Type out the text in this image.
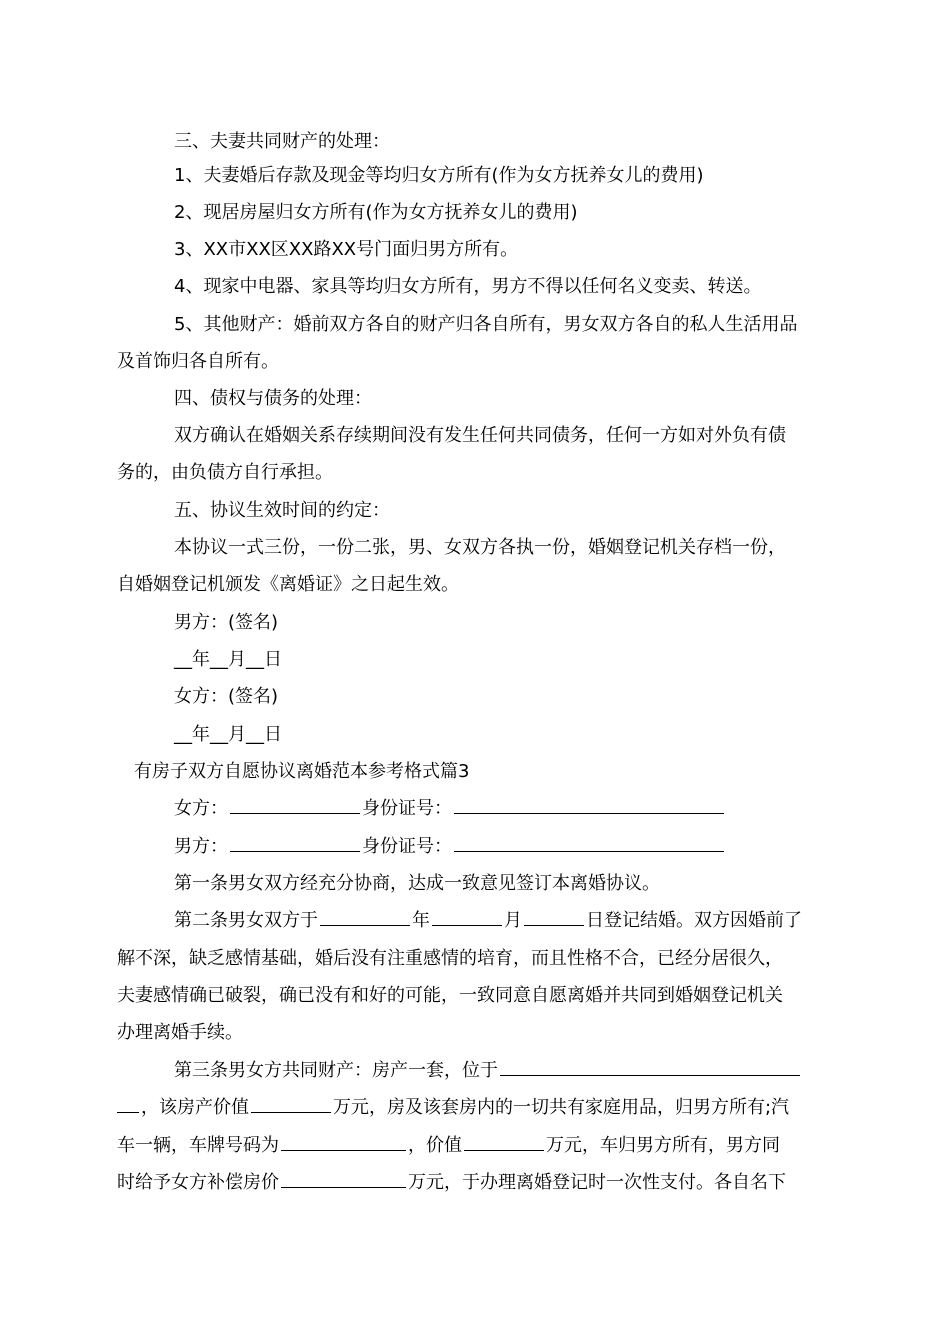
三、夫妻共同财产的处理：
1、夫妻婚后存款及现金等均归女方所有(作为女方抚养女儿的费用)
2、现居房屋归女方所有(作为女方抚养女儿的费用)
3、XX市XX区XX路XX号门面归男方所有。
4、现家中电器、家具等均归女方所有，男方不得以任何名义变卖、转送。
5、其他财产：婚前双方各自的财产归各自所有，男女双方各自的私人生活用品
及首饰归各自所有。
四、债权与债务的处理：
双方确认在婚姻关系存续期间没有发生任何共同债务，任何一方如对外负有债
务的，由负债方自行承担。
五、协议生效时间的约定：
本协议一式三份，一份二张，男、女双方各执一份，婚姻登记机关存档一份，
自婚姻登记机颁发《离婚证》之日起生效。
男方：(签名)
__年__月__日
女方：(签名)
__年__月__日
有房子双方自愿协议离婚范本参考格式篇3
女方：	身份证号：
男方：	身份证号：
第一条男女双方经充分协商，达成一致意见签订本离婚协议。
第二条男女双方于	年	月	日登记结婚。双方因婚前了
解不深，缺乏感情基础，婚后没有注重感情的培育，而且性格不合，已经分居很久，
夫妻感情确已破裂，确已没有和好的可能，一致同意自愿离婚并共同到婚姻登记机关
办理离婚手续。
第三条男女方共同财产：房产一套，位于
，该房产价值	万元，房及该套房内的一切共有家庭用品，归男方所有;汽
车一辆，车牌号码为	，价值	万元，车归男方所有，男方同
时给予女方补偿房价	万元，于办理离婚登记时一次性支付。各自名下
